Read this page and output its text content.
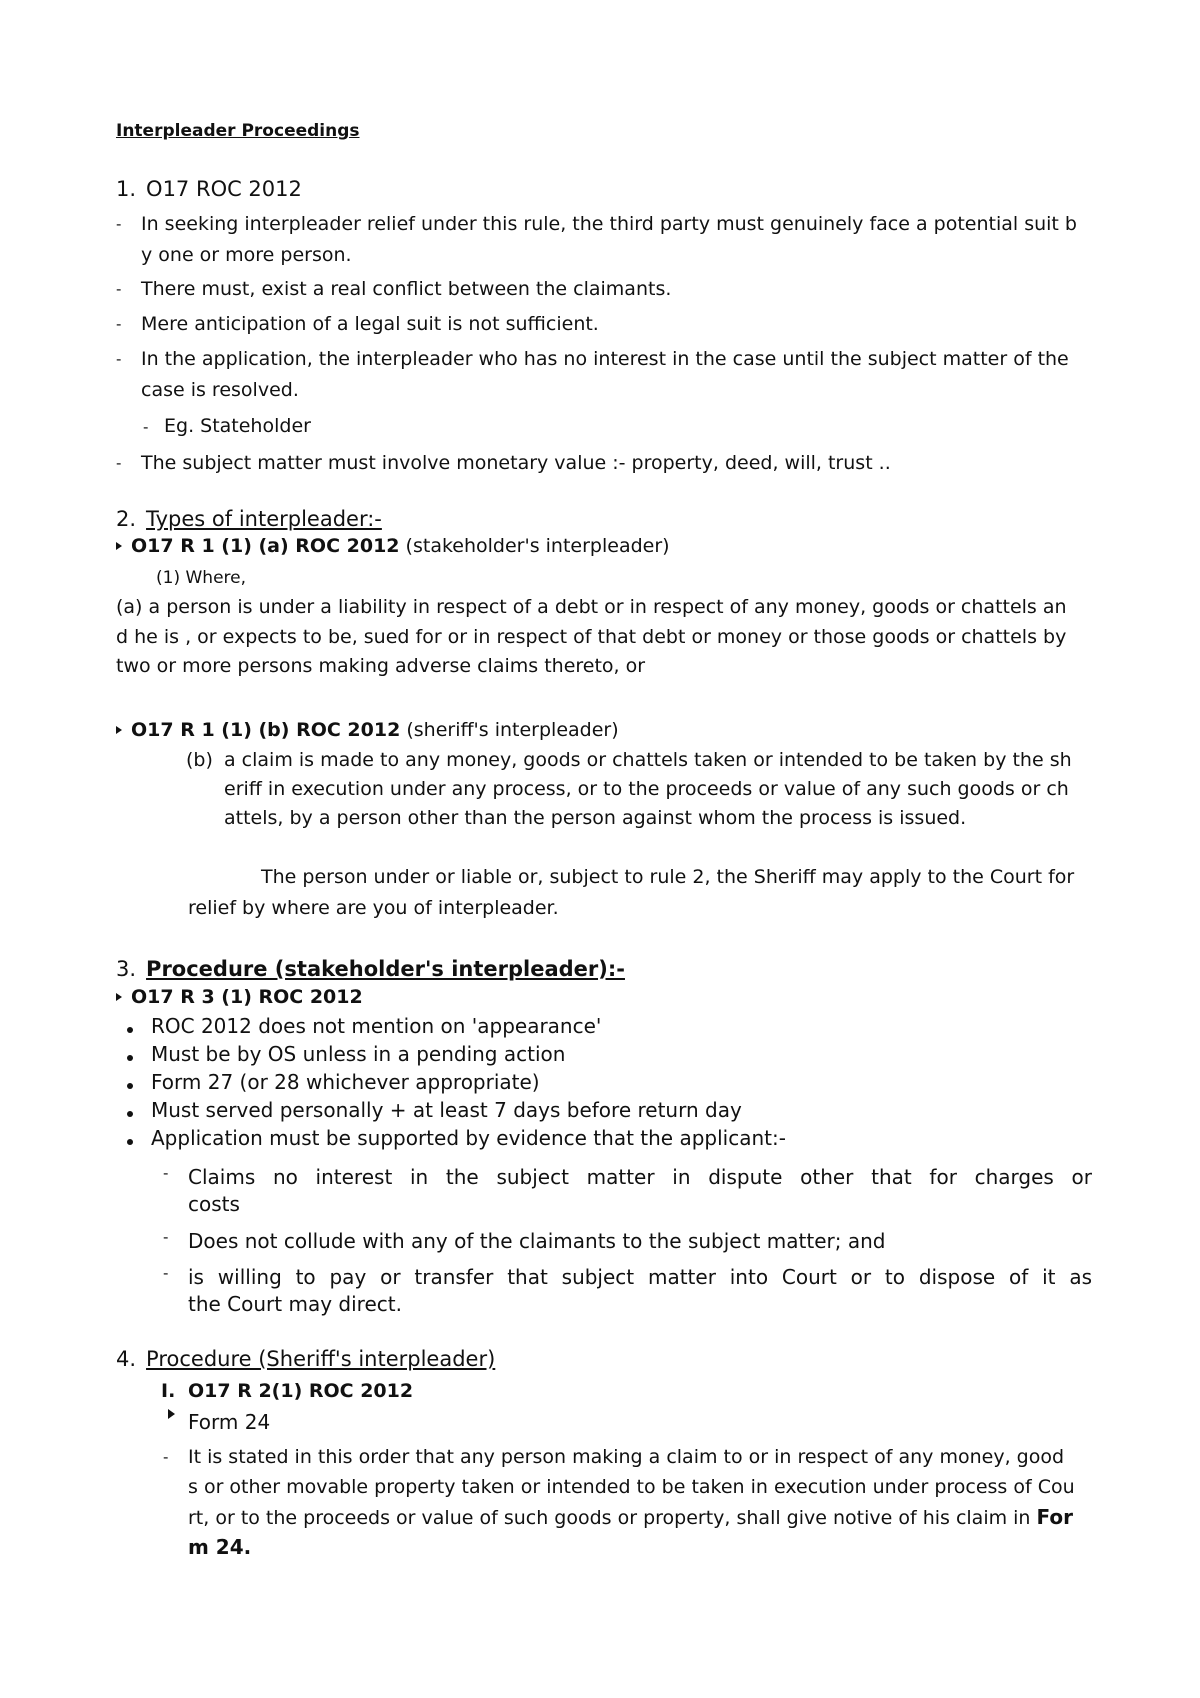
Interpleader Proceedings
1. O17 ROC 2012
- In seeking interpleader relief under this rule, the third party must genuinely face a potential suit b
y one or more person.
- There must, exist a real conflict between the claimants.
- Mere anticipation of a legal suit is not sufficient.
- In the application, the interpleader who has no interest in the case until the subject matter of the
case is resolved.
- Eg. Stateholder
- The subject matter must involve monetary value :- property, deed, will, trust ..
2. Types of interpleader:-
O17 R 1 (1) (a) ROC 2012 (stakeholder's interpleader)
(1) Where,
(a) a person is under a liability in respect of a debt or in respect of any money, goods or chattels an
d he is , or expects to be, sued for or in respect of that debt or money or those goods or chattels by
two or more persons making adverse claims thereto, or
O17 R 1 (1) (b) ROC 2012 (sheriff's interpleader)
(b) a claim is made to any money, goods or chattels taken or intended to be taken by the sh
eriff in execution under any process, or to the proceeds or value of any such goods or ch
attels, by a person other than the person against whom the process is issued.
The person under or liable or, subject to rule 2, the Sheriff may apply to the Court for
relief by where are you of interpleader.
3. Procedure (stakeholder's interpleader):-
O17 R 3 (1) ROC 2012
ROC 2012 does not mention on 'appearance'
Must be by OS unless in a pending action
Form 27 (or 28 whichever appropriate)
Must served personally + at least 7 days before return day
Application must be supported by evidence that the applicant:-
- Claims no interest in the subject matter in dispute other that for charges or
costs
- Does not collude with any of the claimants to the subject matter; and
- is willing to pay or transfer that subject matter into Court or to dispose of it as
the Court may direct.
4. Procedure (Sheriff's interpleader)
I. O17 R 2(1) ROC 2012
Form 24
- It is stated in this order that any person making a claim to or in respect of any money, good
s or other movable property taken or intended to be taken in execution under process of Cou
rt, or to the proceeds or value of such goods or property, shall give notive of his claim in For
m 24.
